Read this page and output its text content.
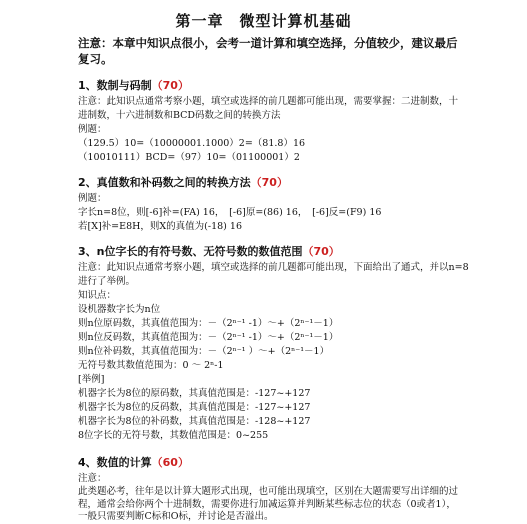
第一章　微型计算机基础
注意：本章中知识点很小，会考一道计算和填空选择，分值较少，建议最后
复习。
1、数制与码制（70）
注意：此知识点通常考察小题，填空或选择的前几题都可能出现，需要掌握：二进制数，十
进制数，十六进制数和BCD码数之间的转换方法
例题：
（129.5）10=（10000001.1000）2=（81.8）16
（10010111）BCD=（97）10=（01100001）2
2、真值数和补码数之间的转换方法（70）
例题：
字长n=8位，则[-6]补=(FA) 16，　[-6]原=(86) 16，　[-6]反=(F9) 16
若[X]补=E8H，则X的真值为(-18) 16
3、n位字长的有符号数、无符号数的数值范围（70）
注意：此知识点通常考察小题，填空或选择的前几题都可能出现，下面给出了通式，并以n=8
进行了举例。
知识点：
设机器数字长为n位
则n位原码数，其真值范围为：－（2ⁿ⁻¹ -1）～+（2ⁿ⁻¹－1）
则n位反码数，其真值范围为：－（2ⁿ⁻¹ -1）～+（2ⁿ⁻¹－1）
则n位补码数，其真值范围为：－（2ⁿ⁻¹ ）～+（2ⁿ⁻¹－1）
无符号数其数值范围为：0 ～ 2ⁿ-1
[举例]
机器字长为8位的原码数，其真值范围是：-127~+127
机器字长为8位的反码数，其真值范围是：-127~+127
机器字长为8位的补码数，其真值范围是：-128~+127
8位字长的无符号数，其数值范围是：0~255
4、数值的计算（60）
注意：
此类题必考，往年是以计算大题形式出现，也可能出现填空，区别在大题需要写出详细的过
程，通常会给你两个十进制数，需要你进行加减运算并判断某些标志位的状态（0或者1），
一般只需要判断C标和O标，并讨论是否溢出。
